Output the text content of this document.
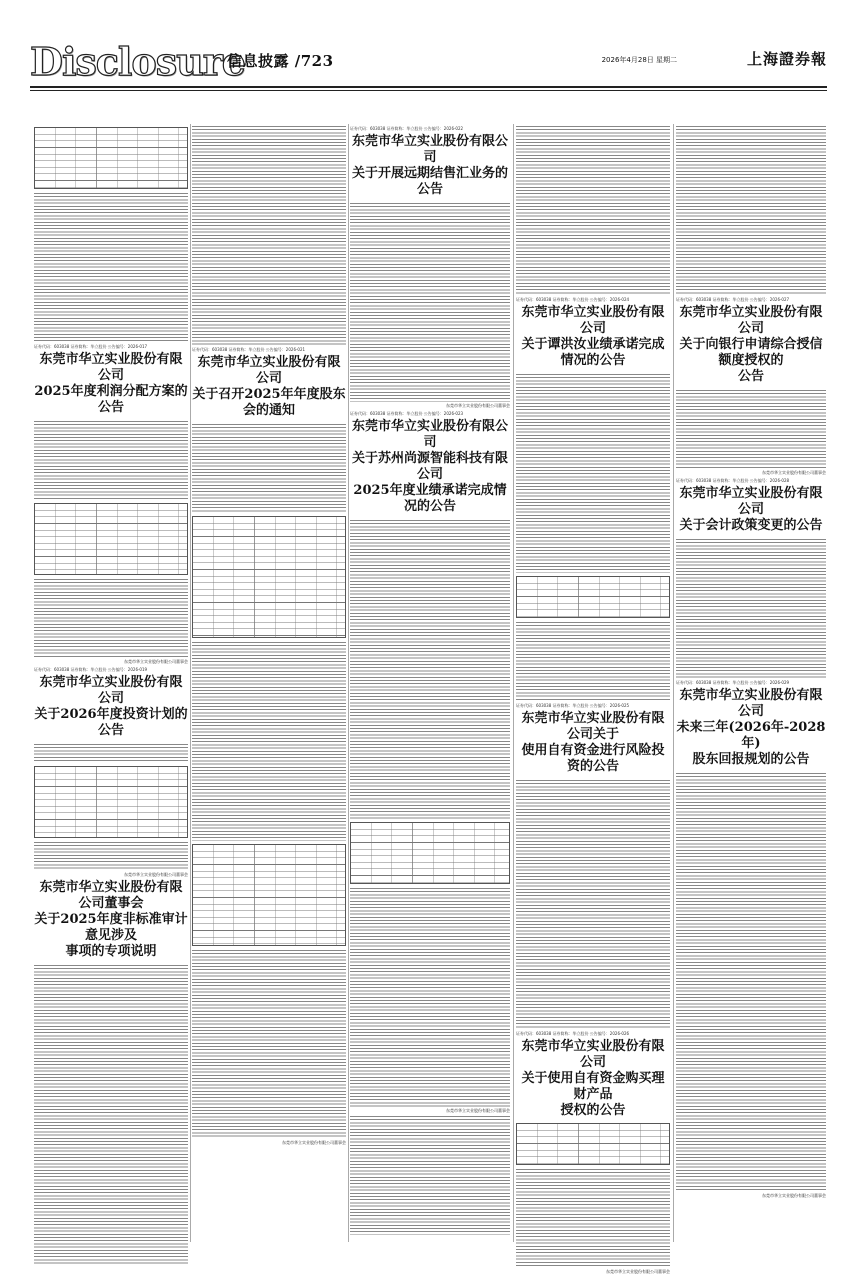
Disclosure
信息披露 /723	2026年4月28日 星期二	上海證券報
证券代码：603038 证券简称：华立股份 公告编号：2026-017
东莞市华立实业股份有限公司
2025年度利润分配方案的公告
东莞市华立实业股份有限公司董事会
证券代码：603038 证券简称：华立股份 公告编号：2026-019
东莞市华立实业股份有限公司
关于2026年度投资计划的公告
东莞市华立实业股份有限公司董事会
东莞市华立实业股份有限公司董事会
关于2025年度非标准审计意见涉及
事项的专项说明
证券代码：603038 证券简称：华立股份 公告编号：2026-021
东莞市华立实业股份有限公司
关于召开2025年年度股东会的通知
东莞市华立实业股份有限公司董事会
证券代码：603038 证券简称：华立股份 公告编号：2026-022
东莞市华立实业股份有限公司
关于开展远期结售汇业务的公告
东莞市华立实业股份有限公司董事会
证券代码：603038 证券简称：华立股份 公告编号：2026-023
东莞市华立实业股份有限公司
关于苏州尚源智能科技有限公司
2025年度业绩承诺完成情况的公告
东莞市华立实业股份有限公司董事会
证券代码：603038 证券简称：华立股份 公告编号：2026-024
东莞市华立实业股份有限公司
关于谭洪汝业绩承诺完成情况的公告
证券代码：603038 证券简称：华立股份 公告编号：2026-025
东莞市华立实业股份有限公司关于
使用自有资金进行风险投资的公告
证券代码：603038 证券简称：华立股份 公告编号：2026-026
东莞市华立实业股份有限公司
关于使用自有资金购买理财产品
授权的公告
东莞市华立实业股份有限公司董事会
证券代码：603038 证券简称：华立股份 公告编号：2026-027
东莞市华立实业股份有限公司
关于向银行申请综合授信额度授权的
公告
东莞市华立实业股份有限公司董事会
证券代码：603038 证券简称：华立股份 公告编号：2026-028
东莞市华立实业股份有限公司
关于会计政策变更的公告
证券代码：603038 证券简称：华立股份 公告编号：2026-029
东莞市华立实业股份有限公司
未来三年(2026年-2028年)
股东回报规划的公告
东莞市华立实业股份有限公司董事会
